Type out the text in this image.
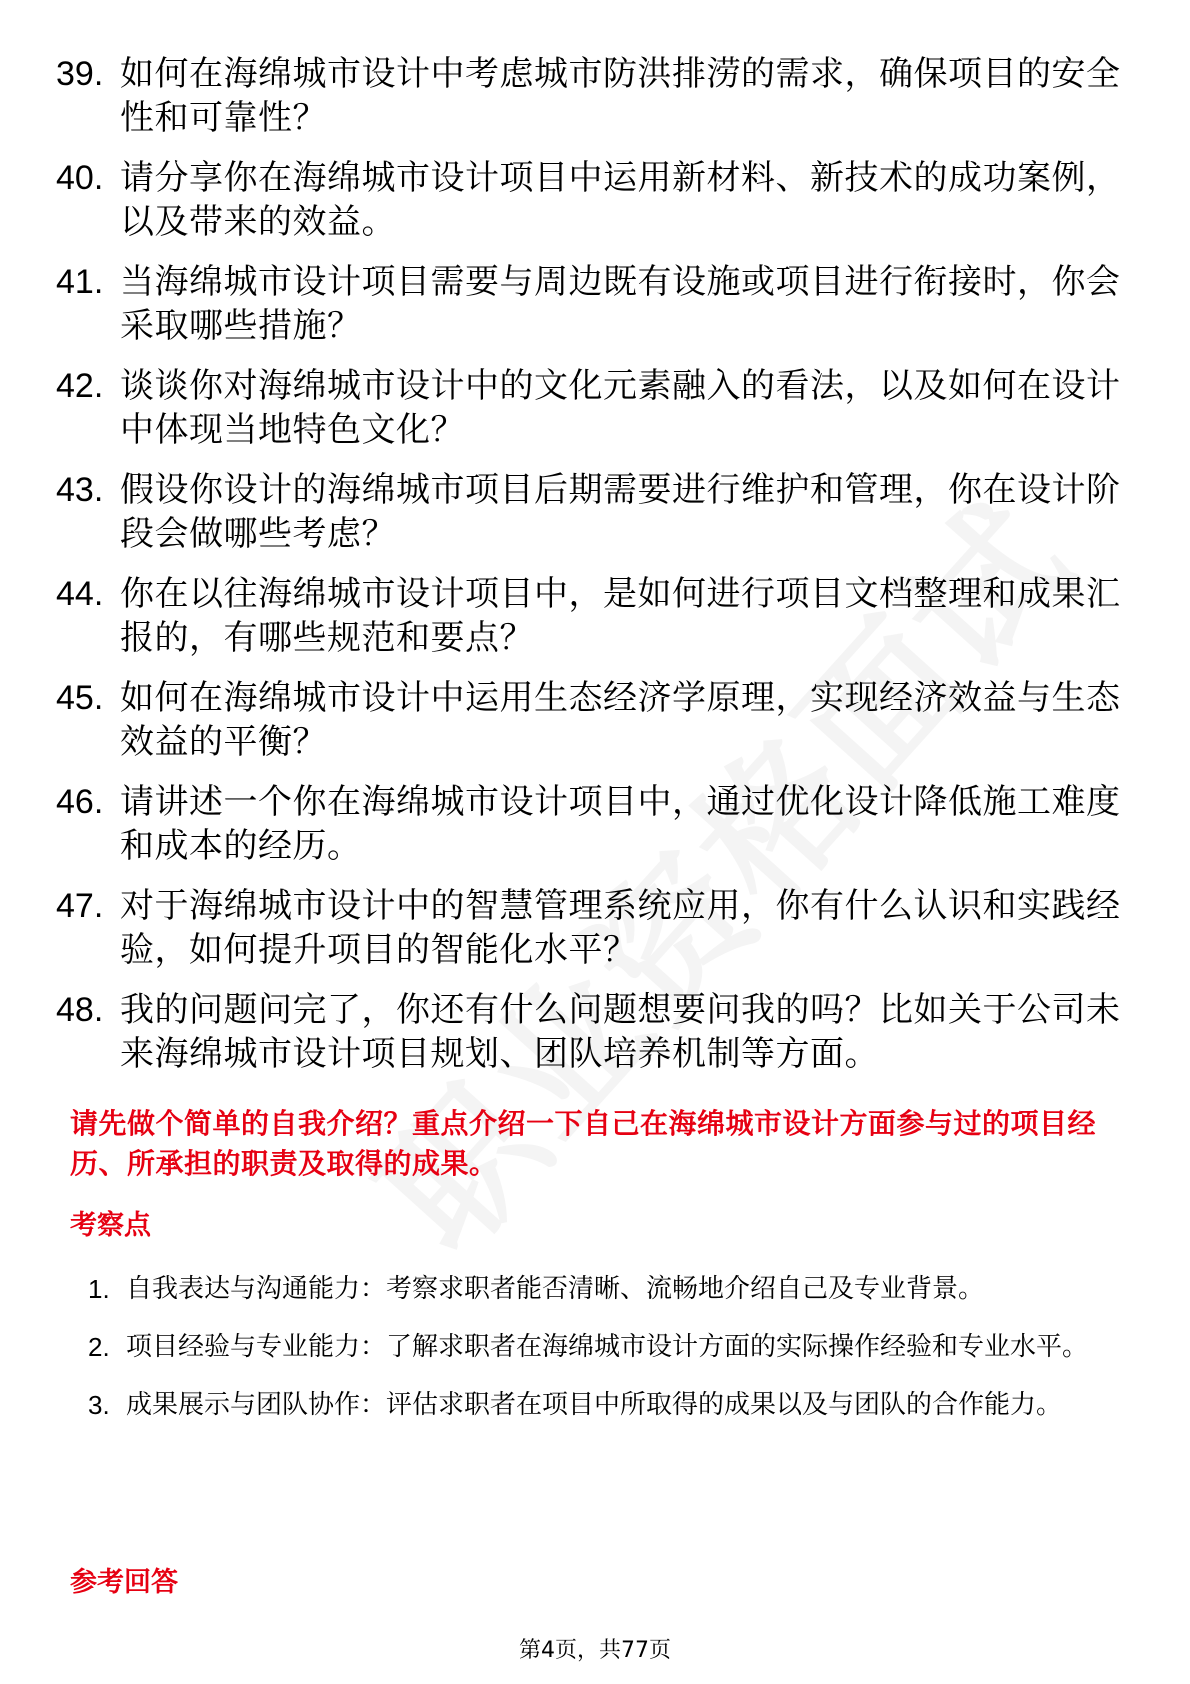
39. 如何在海绵城市设计中考虑城市防洪排涝的需求，确保项目的安全性和可靠性？
40. 请分享你在海绵城市设计项目中运用新材料、新技术的成功案例，以及带来的效益。
41. 当海绵城市设计项目需要与周边既有设施或项目进行衔接时，你会采取哪些措施？
42. 谈谈你对海绵城市设计中的文化元素融入的看法，以及如何在设计中体现当地特色文化？
43. 假设你设计的海绵城市项目后期需要进行维护和管理，你在设计阶段会做哪些考虑？
44. 你在以往海绵城市设计项目中，是如何进行项目文档整理和成果汇报的，有哪些规范和要点？
45. 如何在海绵城市设计中运用生态经济学原理，实现经济效益与生态效益的平衡？
46. 请讲述一个你在海绵城市设计项目中，通过优化设计降低施工难度和成本的经历。
47. 对于海绵城市设计中的智慧管理系统应用，你有什么认识和实践经验，如何提升项目的智能化水平？
48. 我的问题问完了，你还有什么问题想要问我的吗？比如关于公司未来海绵城市设计项目规划、团队培养机制等方面。
请先做个简单的自我介绍？重点介绍一下自己在海绵城市设计方面参与过的项目经历、所承担的职责及取得的成果。
考察点
1. 自我表达与沟通能力：考察求职者能否清晰、流畅地介绍自己及专业背景。
2. 项目经验与专业能力：了解求职者在海绵城市设计方面的实际操作经验和专业水平。
3. 成果展示与团队协作：评估求职者在项目中所取得的成果以及与团队的合作能力。
参考回答
第4页，共77页
